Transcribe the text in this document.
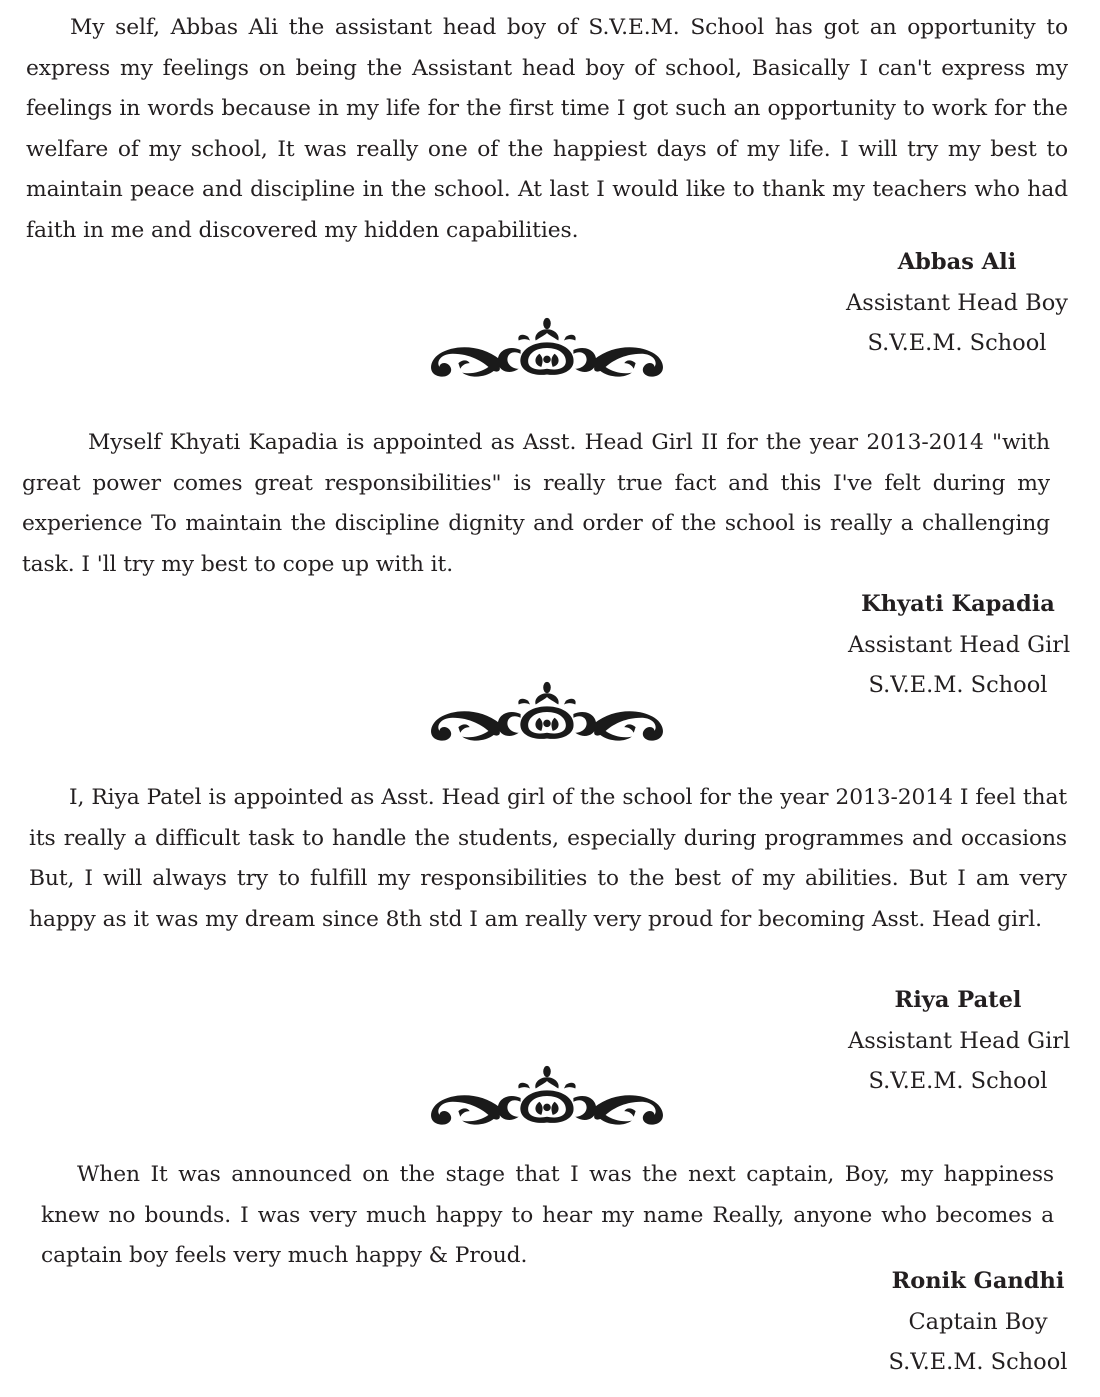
My self, Abbas Ali the assistant head boy of S.V.E.M. School has got an opportunity to express my feelings on being the Assistant head boy of school, Basically I can't express my feelings in words because in my life for the first time I got such an opportunity to work for the welfare of my school, It was really one of the happiest days of my life. I will try my best to maintain peace and discipline in the school. At last I would like to thank my teachers who had faith in me and discovered my hidden capabilities.

Abbas Ali
Assistant Head Boy
S.V.E.M. School

Myself Khyati Kapadia is appointed as Asst. Head Girl II for the year 2013-2014 "with great power comes great responsibilities" is really true fact and this I've felt during my experience To maintain the discipline dignity and order of the school is really a challenging task. I 'll try my best to cope up with it.

Khyati Kapadia
Assistant Head Girl
S.V.E.M. School

I, Riya Patel is appointed as Asst. Head girl of the school for the year 2013-2014 I feel that its really a difficult task to handle the students, especially during programmes and occasions But, I will always try to fulfill my responsibilities to the best of my abilities. But I am very happy as it was my dream since 8th std I am really very proud for becoming Asst. Head girl.

Riya Patel
Assistant Head Girl
S.V.E.M. School

When It was announced on the stage that I was the next captain, Boy, my happiness knew no bounds. I was very much happy to hear my name Really, anyone who becomes a captain boy feels very much happy & Proud.

Ronik Gandhi
Captain Boy
S.V.E.M. School
